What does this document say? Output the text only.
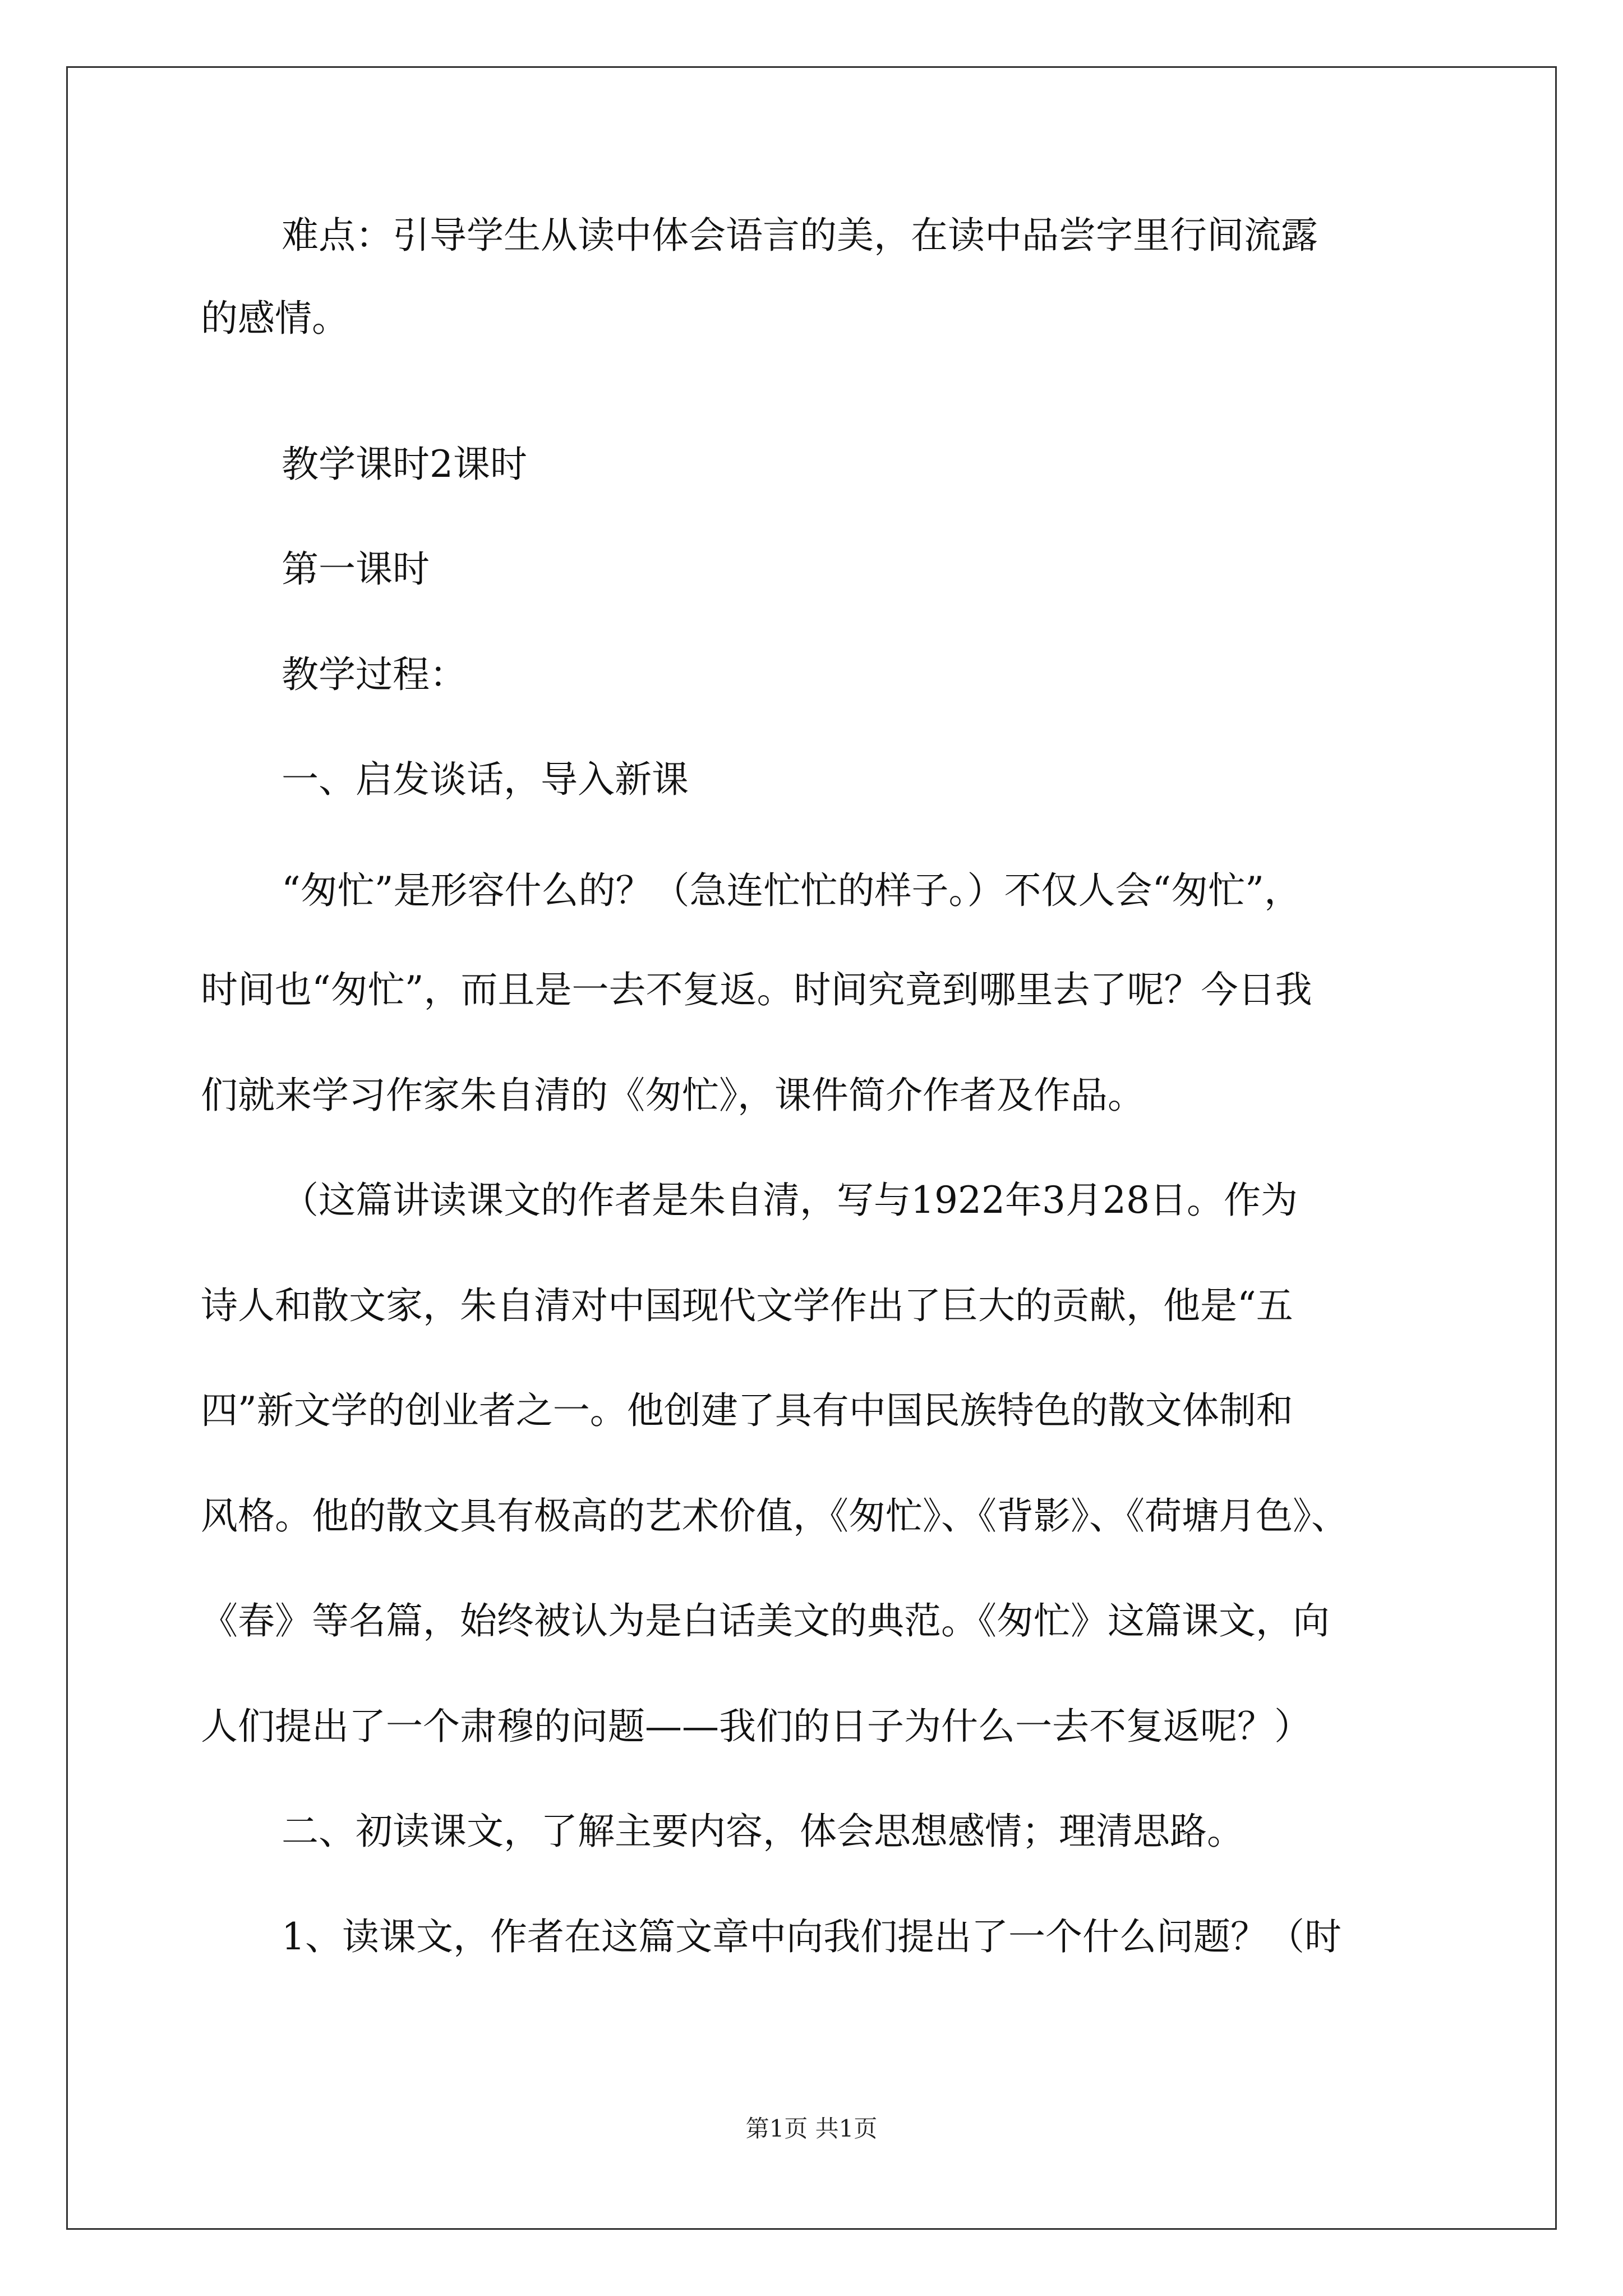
难点：引导学生从读中体会语言的美，在读中品尝字里行间流露
的感情。
教学课时2课时
第一课时
教学过程：
一、启发谈话，导入新课
“匆忙”是形容什么的？（急连忙忙的样子。）不仅人会“匆忙”，
时间也“匆忙”，而且是一去不复返。时间究竟到哪里去了呢？今日我
们就来学习作家朱自清的《匆忙》，课件简介作者及作品。
（这篇讲读课文的作者是朱自清，写与1922年3月28日。作为
诗人和散文家，朱自清对中国现代文学作出了巨大的贡献，他是“五
四”新文学的创业者之一。他创建了具有中国民族特色的散文体制和
风格。他的散文具有极高的艺术价值，《匆忙》、《背影》、《荷塘月色》、
《春》等名篇，始终被认为是白话美文的典范。《匆忙》这篇课文，向
人们提出了一个肃穆的问题——我们的日子为什么一去不复返呢？）
二、初读课文，了解主要内容，体会思想感情；理清思路。
1、读课文，作者在这篇文章中向我们提出了一个什么问题？（时
第1页 共1页
